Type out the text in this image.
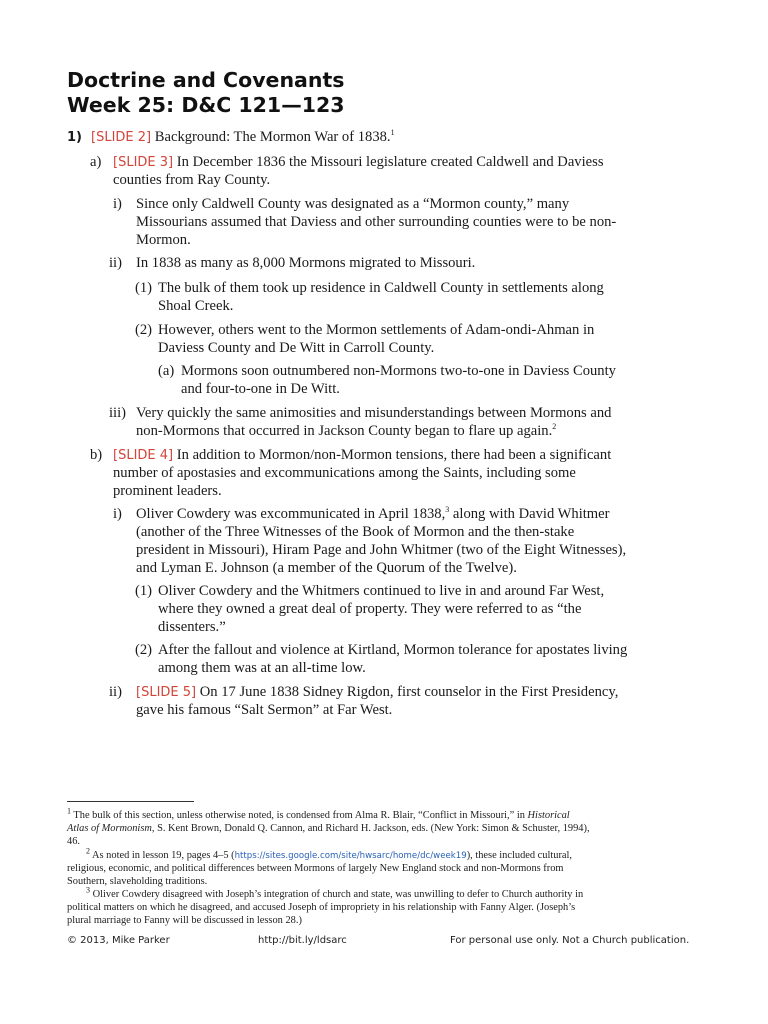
Doctrine and Covenants
Week 25: D&C 121—123
1) [SLIDE 2] Background: The Mormon War of 1838.$^1$
a) [SLIDE 3] In December 1836 the Missouri legislature created Caldwell and Daviess
counties from Ray County.
i) Since only Caldwell County was designated as a “Mormon county,” many
Missourians assumed that Daviess and other surrounding counties were to be non-
Mormon.
ii) In 1838 as many as 8,000 Mormons migrated to Missouri.
(1) The bulk of them took up residence in Caldwell County in settlements along
Shoal Creek.
(2) However, others went to the Mormon settlements of Adam-ondi-Ahman in
Daviess County and De Witt in Carroll County.
(a) Mormons soon outnumbered non-Mormons two-to-one in Daviess County
and four-to-one in De Witt.
iii) Very quickly the same animosities and misunderstandings between Mormons and
non-Mormons that occurred in Jackson County began to flare up again.$^2$
b) [SLIDE 4] In addition to Mormon/non-Mormon tensions, there had been a significant
number of apostasies and excommunications among the Saints, including some
prominent leaders.
i) Oliver Cowdery was excommunicated in April 1838,$^3$ along with David Whitmer
(another of the Three Witnesses of the Book of Mormon and the then-stake
president in Missouri), Hiram Page and John Whitmer (two of the Eight Witnesses),
and Lyman E. Johnson (a member of the Quorum of the Twelve).
(1) Oliver Cowdery and the Whitmers continued to live in and around Far West,
where they owned a great deal of property. They were referred to as “the
dissenters.”
(2) After the fallout and violence at Kirtland, Mormon tolerance for apostates living
among them was at an all-time low.
ii) [SLIDE 5] On 17 June 1838 Sidney Rigdon, first counselor in the First Presidency,
gave his famous “Salt Sermon” at Far West.
$^1$ The bulk of this section, unless otherwise noted, is condensed from Alma R. Blair, “Conflict in Missouri,” in Historical
Atlas of Mormonism, S. Kent Brown, Donald Q. Cannon, and Richard H. Jackson, eds. (New York: Simon & Schuster, 1994),
46.
$^2$ As noted in lesson 19, pages 4–5 (https://sites.google.com/site/hwsarc/home/dc/week19), these included cultural,
religious, economic, and political differences between Mormons of largely New England stock and non-Mormons from
Southern, slaveholding traditions.
$^3$ Oliver Cowdery disagreed with Joseph’s integration of church and state, was unwilling to defer to Church authority in
political matters on which he disagreed, and accused Joseph of impropriety in his relationship with Fanny Alger. (Joseph’s
plural marriage to Fanny will be discussed in lesson 28.)
© 2013, Mike Parker	http://bit.ly/ldsarc	For personal use only. Not a Church publication.
